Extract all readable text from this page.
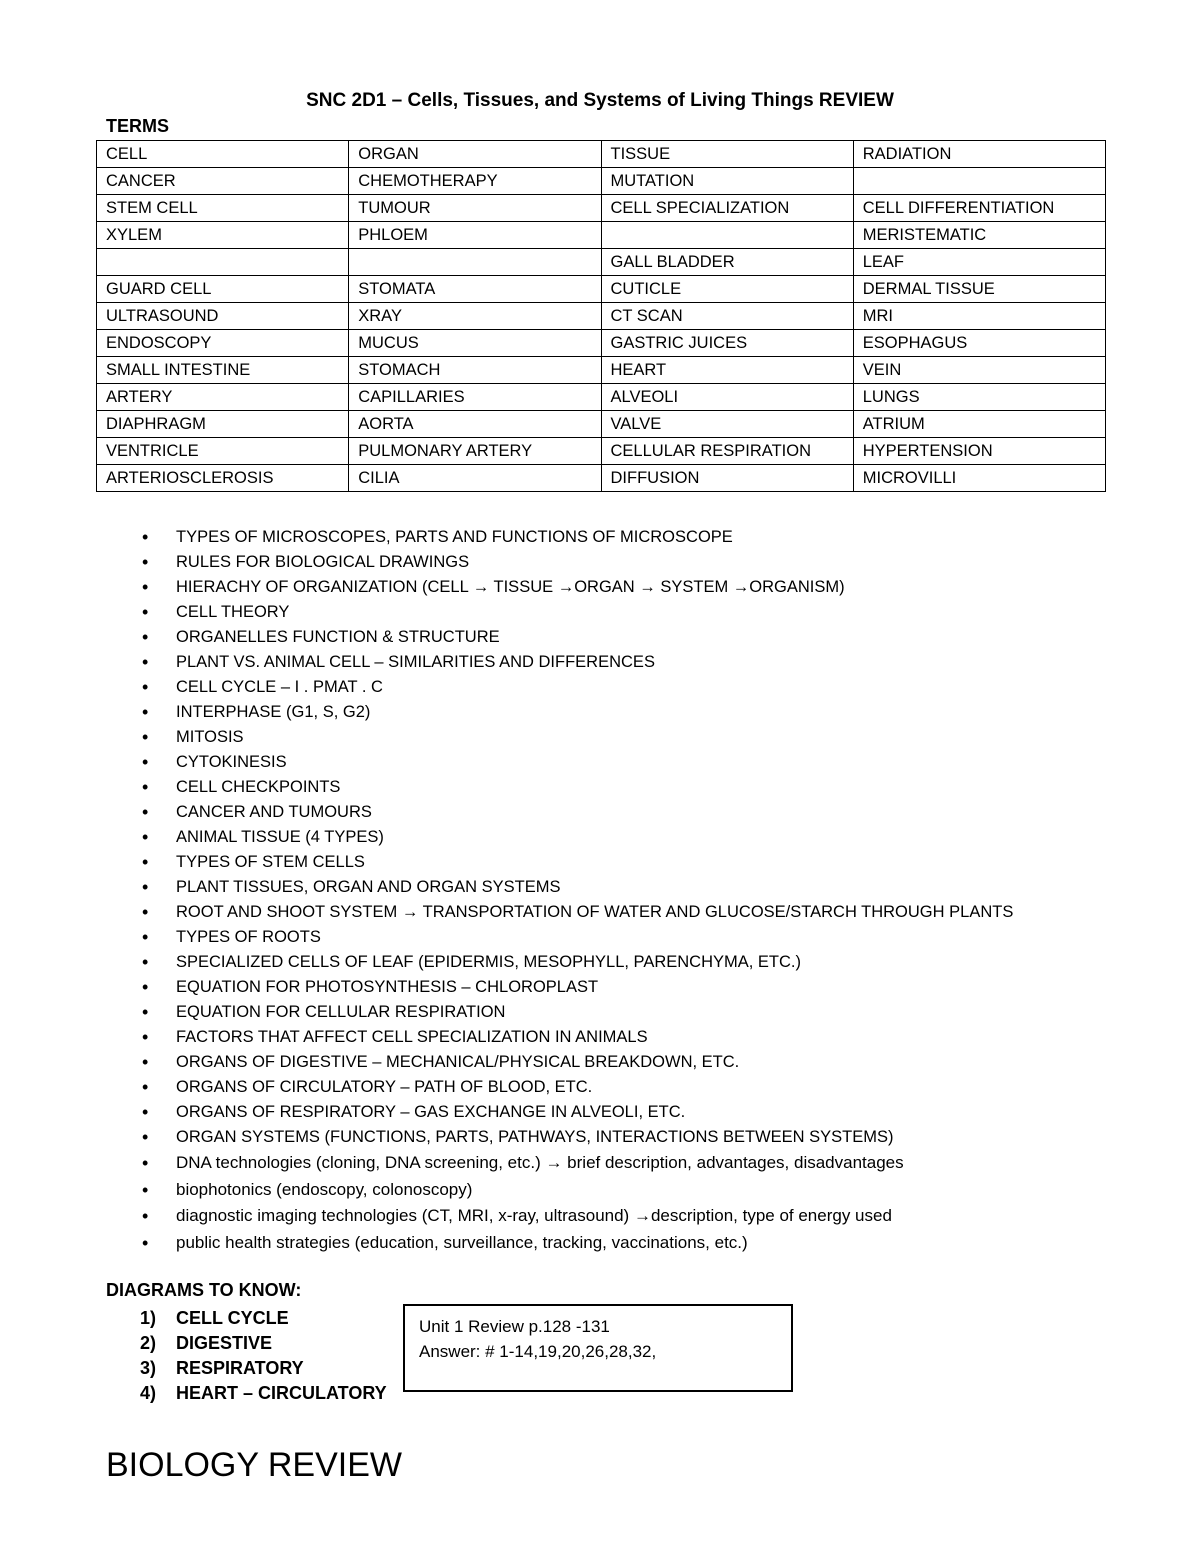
SNC 2D1 – Cells, Tissues, and Systems of Living Things REVIEW
TERMS
CELL	ORGAN	TISSUE	RADIATION
CANCER	CHEMOTHERAPY	MUTATION	
STEM CELL	TUMOUR	CELL SPECIALIZATION	CELL DIFFERENTIATION
XYLEM	PHLOEM		MERISTEMATIC
		GALL BLADDER	LEAF
GUARD CELL	STOMATA	CUTICLE	DERMAL TISSUE
ULTRASOUND	XRAY	CT SCAN	MRI
ENDOSCOPY	MUCUS	GASTRIC JUICES	ESOPHAGUS
SMALL INTESTINE	STOMACH	HEART	VEIN
ARTERY	CAPILLARIES	ALVEOLI	LUNGS
DIAPHRAGM	AORTA	VALVE	ATRIUM
VENTRICLE	PULMONARY ARTERY	CELLULAR RESPIRATION	HYPERTENSION
ARTERIOSCLEROSIS	CILIA	DIFFUSION	MICROVILLI
• TYPES OF MICROSCOPES, PARTS AND FUNCTIONS OF MICROSCOPE
• RULES FOR BIOLOGICAL DRAWINGS
• HIERACHY OF ORGANIZATION (CELL → TISSUE →ORGAN → SYSTEM →ORGANISM)
• CELL THEORY
• ORGANELLES FUNCTION & STRUCTURE
• PLANT VS. ANIMAL CELL – SIMILARITIES AND DIFFERENCES
• CELL CYCLE – I . PMAT . C
• INTERPHASE (G1, S, G2)
• MITOSIS
• CYTOKINESIS
• CELL CHECKPOINTS
• CANCER AND TUMOURS
• ANIMAL TISSUE (4 TYPES)
• TYPES OF STEM CELLS
• PLANT TISSUES, ORGAN AND ORGAN SYSTEMS
• ROOT AND SHOOT SYSTEM → TRANSPORTATION OF WATER AND GLUCOSE/STARCH THROUGH PLANTS
• TYPES OF ROOTS
• SPECIALIZED CELLS OF LEAF (EPIDERMIS, MESOPHYLL, PARENCHYMA, ETC.)
• EQUATION FOR PHOTOSYNTHESIS – CHLOROPLAST
• EQUATION FOR CELLULAR RESPIRATION
• FACTORS THAT AFFECT CELL SPECIALIZATION IN ANIMALS
• ORGANS OF DIGESTIVE – MECHANICAL/PHYSICAL BREAKDOWN, ETC.
• ORGANS OF CIRCULATORY – PATH OF BLOOD, ETC.
• ORGANS OF RESPIRATORY – GAS EXCHANGE IN ALVEOLI, ETC.
• ORGAN SYSTEMS (FUNCTIONS, PARTS, PATHWAYS, INTERACTIONS BETWEEN SYSTEMS)
• DNA technologies (cloning, DNA screening, etc.) → brief description, advantages, disadvantages
• biophotonics (endoscopy, colonoscopy)
• diagnostic imaging technologies (CT, MRI, x-ray, ultrasound) →description, type of energy used
• public health strategies (education, surveillance, tracking, vaccinations, etc.)
DIAGRAMS TO KNOW:
1) CELL CYCLE
2) DIGESTIVE
3) RESPIRATORY
4) HEART – CIRCULATORY
Unit 1 Review p.128 -131
Answer: # 1-14,19,20,26,28,32,
BIOLOGY REVIEW
